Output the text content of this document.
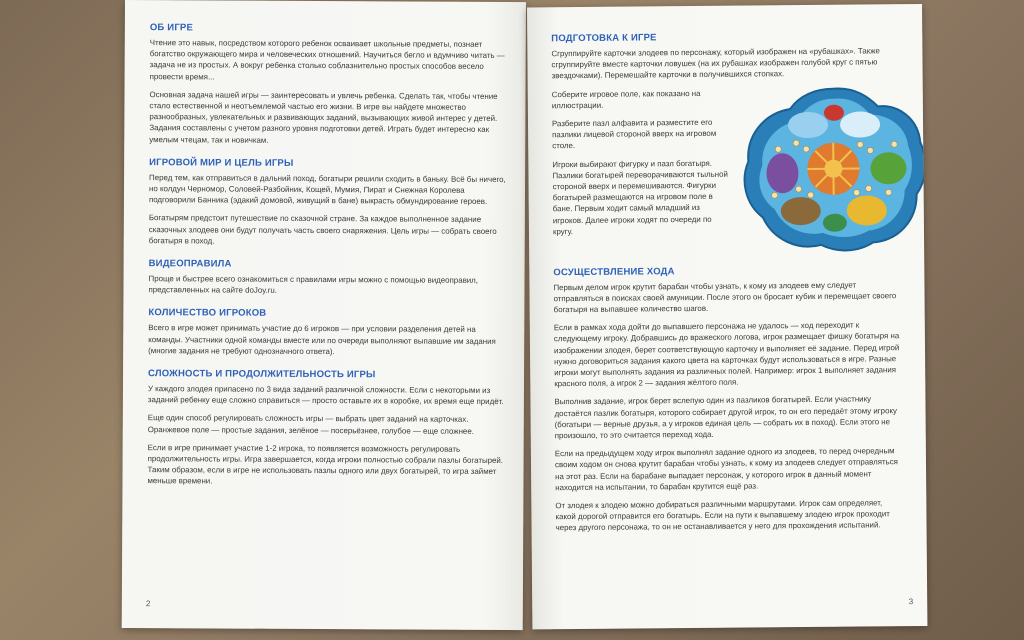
ОБ ИГРЕ

Чтение это навык, посредством которого ребенок осваивает школьные предметы, познает богатство окружающего мира и человеческих отношений. Научиться бегло и вдумчиво читать — задача не из простых. А вокруг ребенка столько соблазнительно простых способов весело провести время...

Основная задача нашей игры — заинтересовать и увлечь ребенка. Сделать так, чтобы чтение стало естественной и неотъемлемой частью его жизни. В игре вы найдете множество разнообразных, увлекательных и развивающих заданий, вызывающих живой интерес у детей. Задания составлены с учетом разного уровня подготовки детей. Играть будет интересно как умелым чтецам, так и новичкам.

ИГРОВОЙ МИР И ЦЕЛЬ ИГРЫ

Перед тем, как отправиться в дальний поход, богатыри решили сходить в баньку. Всё бы ничего, но колдун Черномор, Соловей-Разбойник, Кощей, Мумия, Пират и Снежная Королева подговорили Банника (эдакий домовой, живущий в бане) выкрасть обмундирование героев.

Богатырям предстоит путешествие по сказочной стране. За каждое выполненное задание сказочных злодеев они будут получать часть своего снаряжения. Цель игры — собрать своего богатыря в поход.

ВИДЕОПРАВИЛА

Проще и быстрее всего ознакомиться с правилами игры можно с помощью видеоправил, представленных на сайте doJoy.ru.

КОЛИЧЕСТВО ИГРОКОВ

Всего в игре может принимать участие до 6 игроков — при условии разделения детей на команды. Участники одной команды вместе или по очереди выполняют выпавшие им задания (многие задания не требуют однозначного ответа).

СЛОЖНОСТЬ И ПРОДОЛЖИТЕЛЬНОСТЬ ИГРЫ

У каждого злодея припасено по 3 вида заданий различной сложности. Если с некоторыми из заданий ребенку еще сложно справиться — просто оставьте их в коробке, их время еще придёт.

Еще один способ регулировать сложность игры — выбрать цвет заданий на карточках. Оранжевое поле — простые задания, зелёное — посерьёзнее, голубое — еще сложнее.

Если в игре принимает участие 1-2 игрока, то появляется возможность регулировать продолжительность игры. Игра завершается, когда игроки полностью собрали пазлы богатырей. Таким образом, если в игре не использовать пазлы одного или двух богатырей, то игра займет меньше времени.

2
ПОДГОТОВКА К ИГРЕ

Сгруппируйте карточки злодеев по персонажу, который изображен на «рубашках». Также сгруппируйте вместе карточки ловушек (на их рубашках изображен голубой круг с пятью звездочками). Перемешайте карточки в получившихся стопках.

Соберите игровое поле, как показано на иллюстрации.

Разберите пазл алфавита и разместите его пазлики лицевой стороной вверх на игровом столе.

Игроки выбирают фигурку и пазл богатыря. Пазлики богатырей переворачиваются тыльной стороной вверх и перемешиваются. Фигурки богатырей размещаются на игровом поле в бане. Первым ходит самый младший из игроков. Далее игроки ходят по очереди по кругу.

ОСУЩЕСТВЛЕНИЕ ХОДА

Первым делом игрок крутит барабан чтобы узнать, к кому из злодеев ему следует отправляться в поисках своей амуниции. После этого он бросает кубик и перемещает своего богатыря на выпавшее количество шагов.

Если в рамках хода дойти до выпавшего персонажа не удалось — ход переходит к следующему игроку. Добравшись до вражеского логова, игрок размещает фишку богатыря на изображении злодея, берет соответствующую карточку и выполняет её задание. Перед игрой нужно договориться задания какого цвета на карточках будут использоваться в игре. Разные игроки могут выполнять задания из различных полей. Например: игрок 1 выполняет задания красного поля, а игрок 2 — задания жёлтого поля.

Выполнив задание, игрок берет вслепую один из пазликов богатырей. Если участнику достаётся пазлик богатыря, которого собирает другой игрок, то он его передаёт этому игроку (богатыри — верные друзья, а у игроков единая цель — собрать их в поход). Если этого не произошло, то это считается переход хода.

Если на предыдущем ходу игрок выполнял задание одного из злодеев, то перед очередным своим ходом он снова крутит барабан чтобы узнать, к кому из злодеев следует отправляться на этот раз. Если на барабане выпадает персонаж, у которого игрок в данный момент находится на испытании, то барабан крутится ещё раз.

От злодея к злодею можно добираться различными маршрутами. Игрок сам определяет, какой дорогой отправится его богатырь. Если на пути к выпавшему злодею игрок проходит через другого персонажа, то он не останавливается у него для прохождения испытаний.

3
